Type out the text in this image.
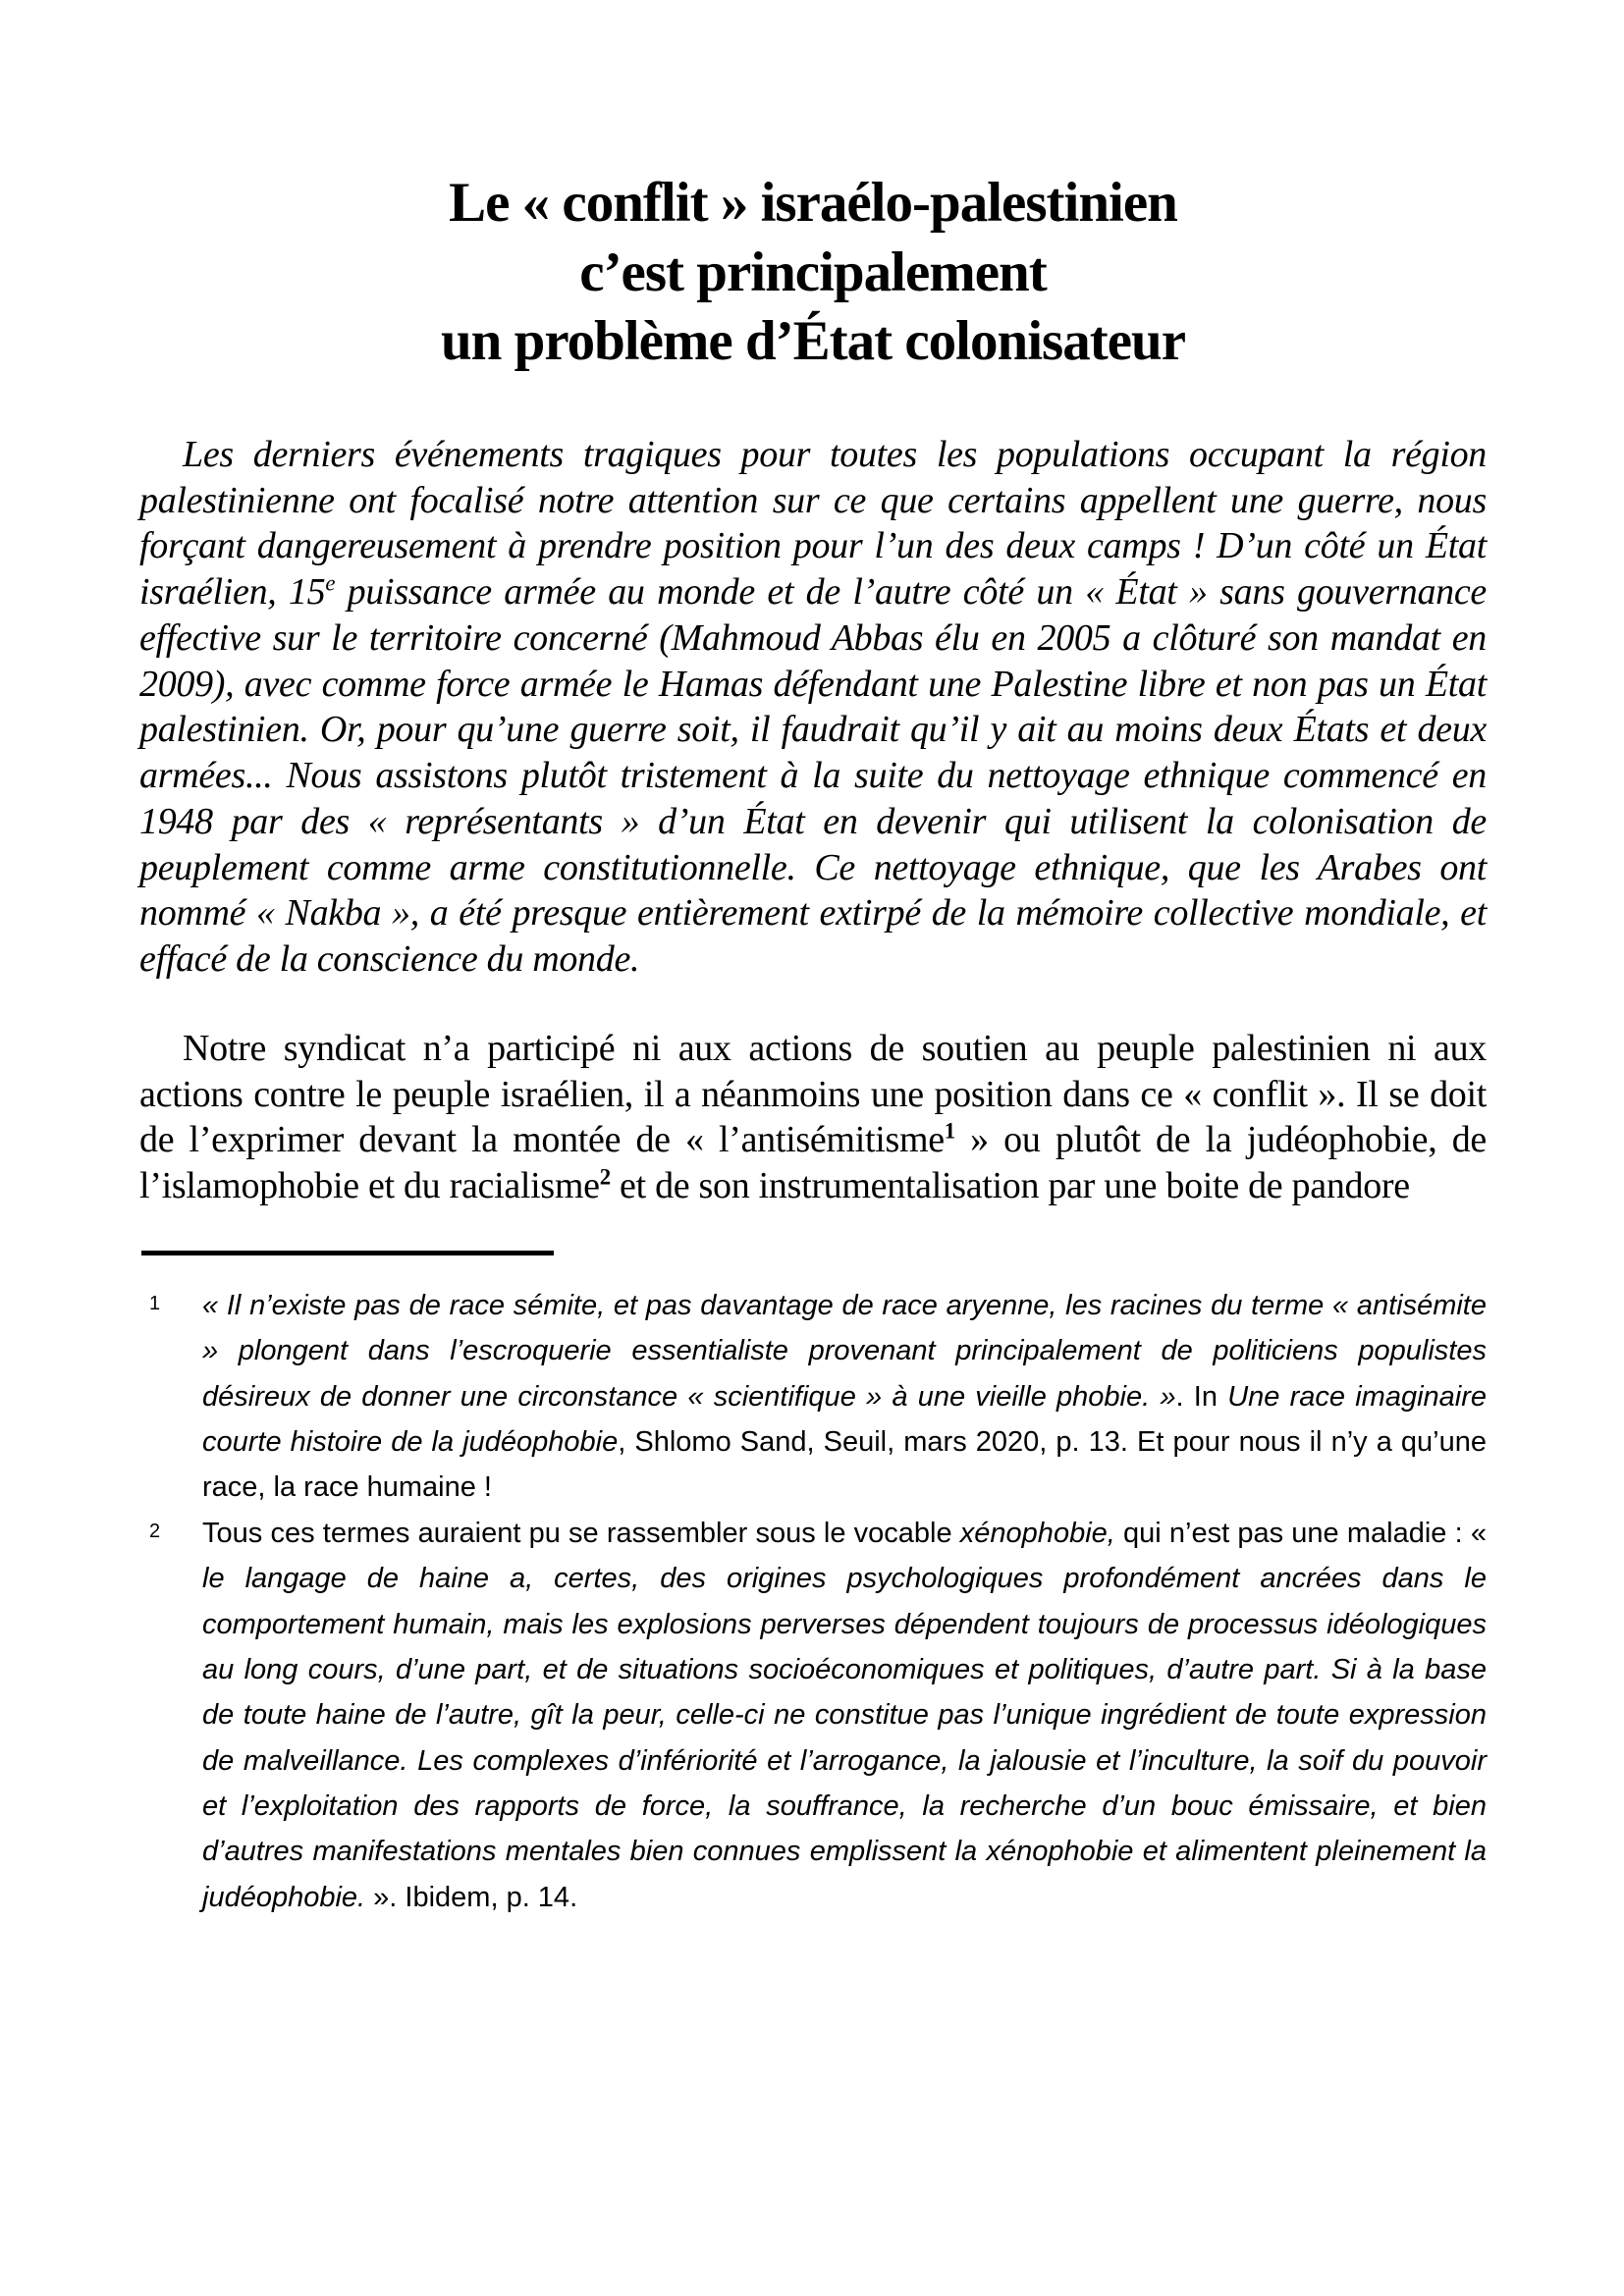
Le « conflit » israélo-palestinien
c’est principalement
un problème d’État colonisateur

Les derniers événements tragiques pour toutes les populations occupant la région palestinienne ont focalisé notre attention sur ce que certains appellent une guerre, nous forçant dangereusement à prendre position pour l’un des deux camps ! D’un côté un État israélien, 15e puissance armée au monde et de l’autre côté un « État » sans gouvernance effective sur le territoire concerné (Mahmoud Abbas élu en 2005 a clôturé son mandat en 2009), avec comme force armée le Hamas défendant une Palestine libre et non pas un État palestinien. Or, pour qu’une guerre soit, il faudrait qu’il y ait au moins deux États et deux armées... Nous assistons plutôt tristement à la suite du nettoyage ethnique commencé en 1948 par des « représentants » d’un État en devenir qui utilisent la colonisation de peuplement comme arme constitutionnelle. Ce nettoyage ethnique, que les Arabes ont nommé « Nakba », a été presque entièrement extirpé de la mémoire collective mondiale, et effacé de la conscience du monde.

Notre syndicat n’a participé ni aux actions de soutien au peuple palestinien ni aux actions contre le peuple israélien, il a néanmoins une position dans ce « conflit ». Il se doit de l’exprimer devant la montée de « l’antisémitisme$^1$ » ou plutôt de la judéophobie, de l’islamophobie et du racialisme$^2$ et de son instrumentalisation par une boite de pandore

1 « Il n’existe pas de race sémite, et pas davantage de race aryenne, les racines du terme « antisémite » plongent dans l’escroquerie essentialiste provenant principalement de politiciens populistes désireux de donner une circonstance « scientifique » à une vieille phobie. ». In Une race imaginaire courte histoire de la judéophobie, Shlomo Sand, Seuil, mars 2020, p. 13. Et pour nous il n’y a qu’une race, la race humaine !
2 Tous ces termes auraient pu se rassembler sous le vocable xénophobie, qui n’est pas une maladie : « le langage de haine a, certes, des origines psychologiques profondément ancrées dans le comportement humain, mais les explosions perverses dépendent toujours de processus idéologiques au long cours, d’une part, et de situations socioéconomiques et politiques, d’autre part. Si à la base de toute haine de l’autre, gît la peur, celle-ci ne constitue pas l’unique ingrédient de toute expression de malveillance. Les complexes d’infériorité et l’arrogance, la jalousie et l’inculture, la soif du pouvoir et l’exploitation des rapports de force, la souffrance, la recherche d’un bouc émissaire, et bien d’autres manifestations mentales bien connues emplissent la xénophobie et alimentent pleinement la judéophobie. ». Ibidem, p. 14.
